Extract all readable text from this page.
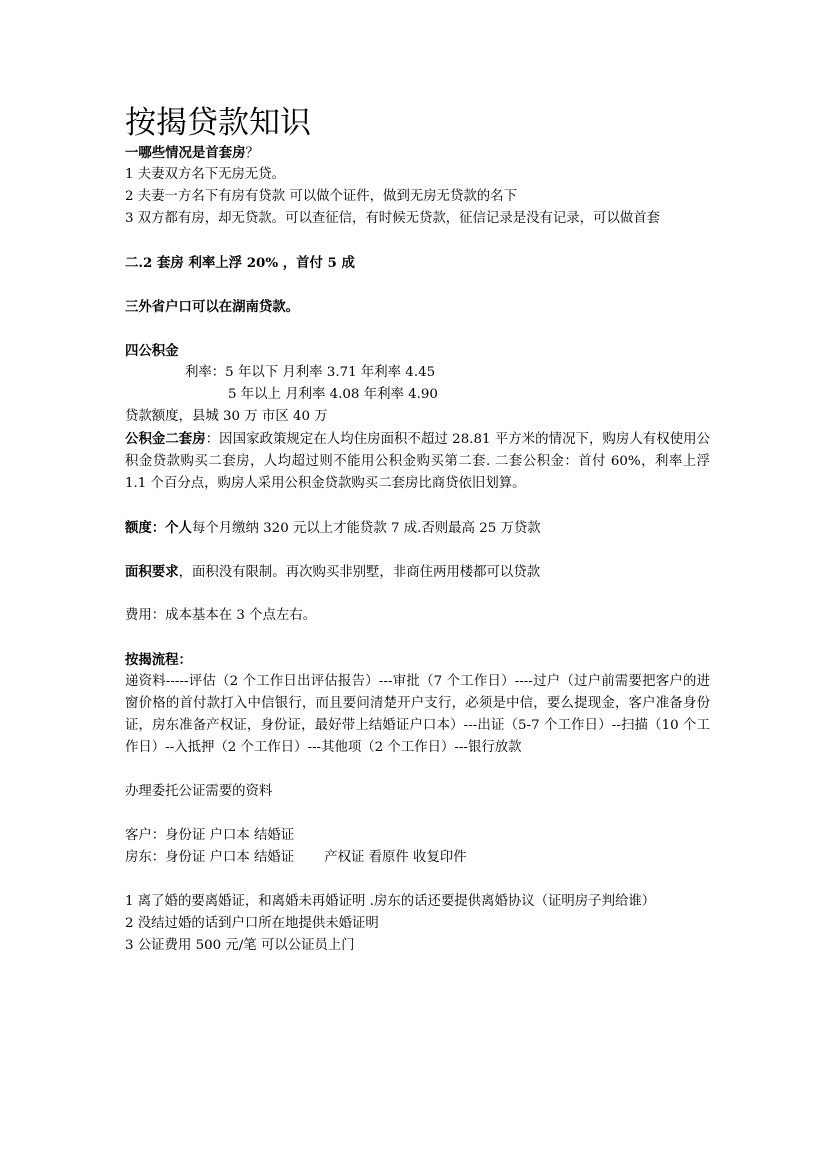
按揭贷款知识
一哪些情况是首套房？
1 夫妻双方名下无房无贷。
2 夫妻一方名下有房有贷款 可以做个证件，做到无房无贷款的名下
3 双方都有房，却无贷款。可以查征信，有时候无贷款，征信记录是没有记录，可以做首套
二.2 套房 利率上浮 20% ，首付 5 成
三外省户口可以在湖南贷款。
四公积金
利率：5 年以下 月利率 3.71 年利率 4.45
5 年以上 月利率 4.08 年利率 4.90
贷款额度，县城 30 万 市区 40 万
公积金二套房：因国家政策规定在人均住房面积不超过 28.81 平方米的情况下，购房人有权使用公积金贷款购买二套房，人均超过则不能用公积金购买第二套. 二套公积金：首付 60%，利率上浮 1.1 个百分点，购房人采用公积金贷款购买二套房比商贷依旧划算。
额度：个人每个月缴纳 320 元以上才能贷款 7 成.否则最高 25 万贷款
面积要求，面积没有限制。再次购买非别墅，非商住两用楼都可以贷款
费用：成本基本在 3 个点左右。
按揭流程：
递资料-----评估（2 个工作日出评估报告）---审批（7 个工作日）----过户（过户前需要把客户的进窗价格的首付款打入中信银行，而且要问清楚开户支行，必须是中信，要么提现金，客户准备身份证，房东准备产权证，身份证，最好带上结婚证户口本）---出证（5-7 个工作日）--扫描（10 个工作日）--入抵押（2 个工作日）---其他项（2 个工作日）---银行放款
办理委托公证需要的资料
客户：身份证 户口本 结婚证
房东：身份证 户口本 结婚证 产权证 看原件 收复印件
1 离了婚的要离婚证，和离婚未再婚证明 .房东的话还要提供离婚协议（证明房子判给谁）
2 没结过婚的话到户口所在地提供未婚证明
3 公证费用 500 元/笔 可以公证员上门
